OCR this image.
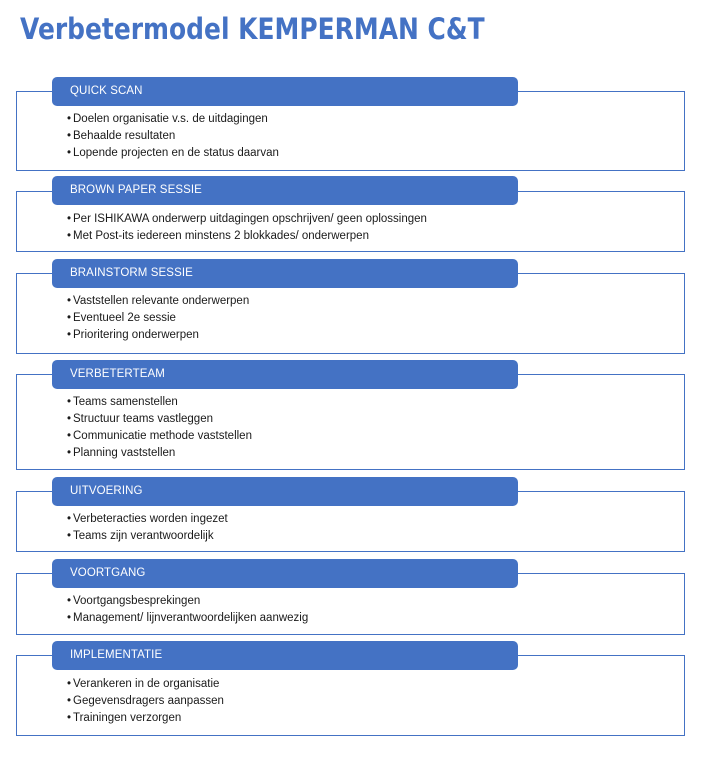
Verbetermodel KEMPERMAN C&T
QUICK SCAN
• Doelen organisatie v.s. de uitdagingen
• Behaalde resultaten
• Lopende projecten en de status daarvan
BROWN PAPER SESSIE
• Per ISHIKAWA onderwerp uitdagingen opschrijven/ geen oplossingen
• Met Post-its iedereen minstens 2 blokkades/ onderwerpen
BRAINSTORM SESSIE
• Vaststellen relevante onderwerpen
• Eventueel 2e sessie
• Prioritering onderwerpen
VERBETERTEAM
• Teams samenstellen
• Structuur teams vastleggen
• Communicatie methode vaststellen
• Planning vaststellen
UITVOERING
• Verbeteracties worden ingezet
• Teams zijn verantwoordelijk
VOORTGANG
• Voortgangsbesprekingen
• Management/ lijnverantwoordelijken aanwezig
IMPLEMENTATIE
• Verankeren in de organisatie
• Gegevensdragers aanpassen
• Trainingen verzorgen
